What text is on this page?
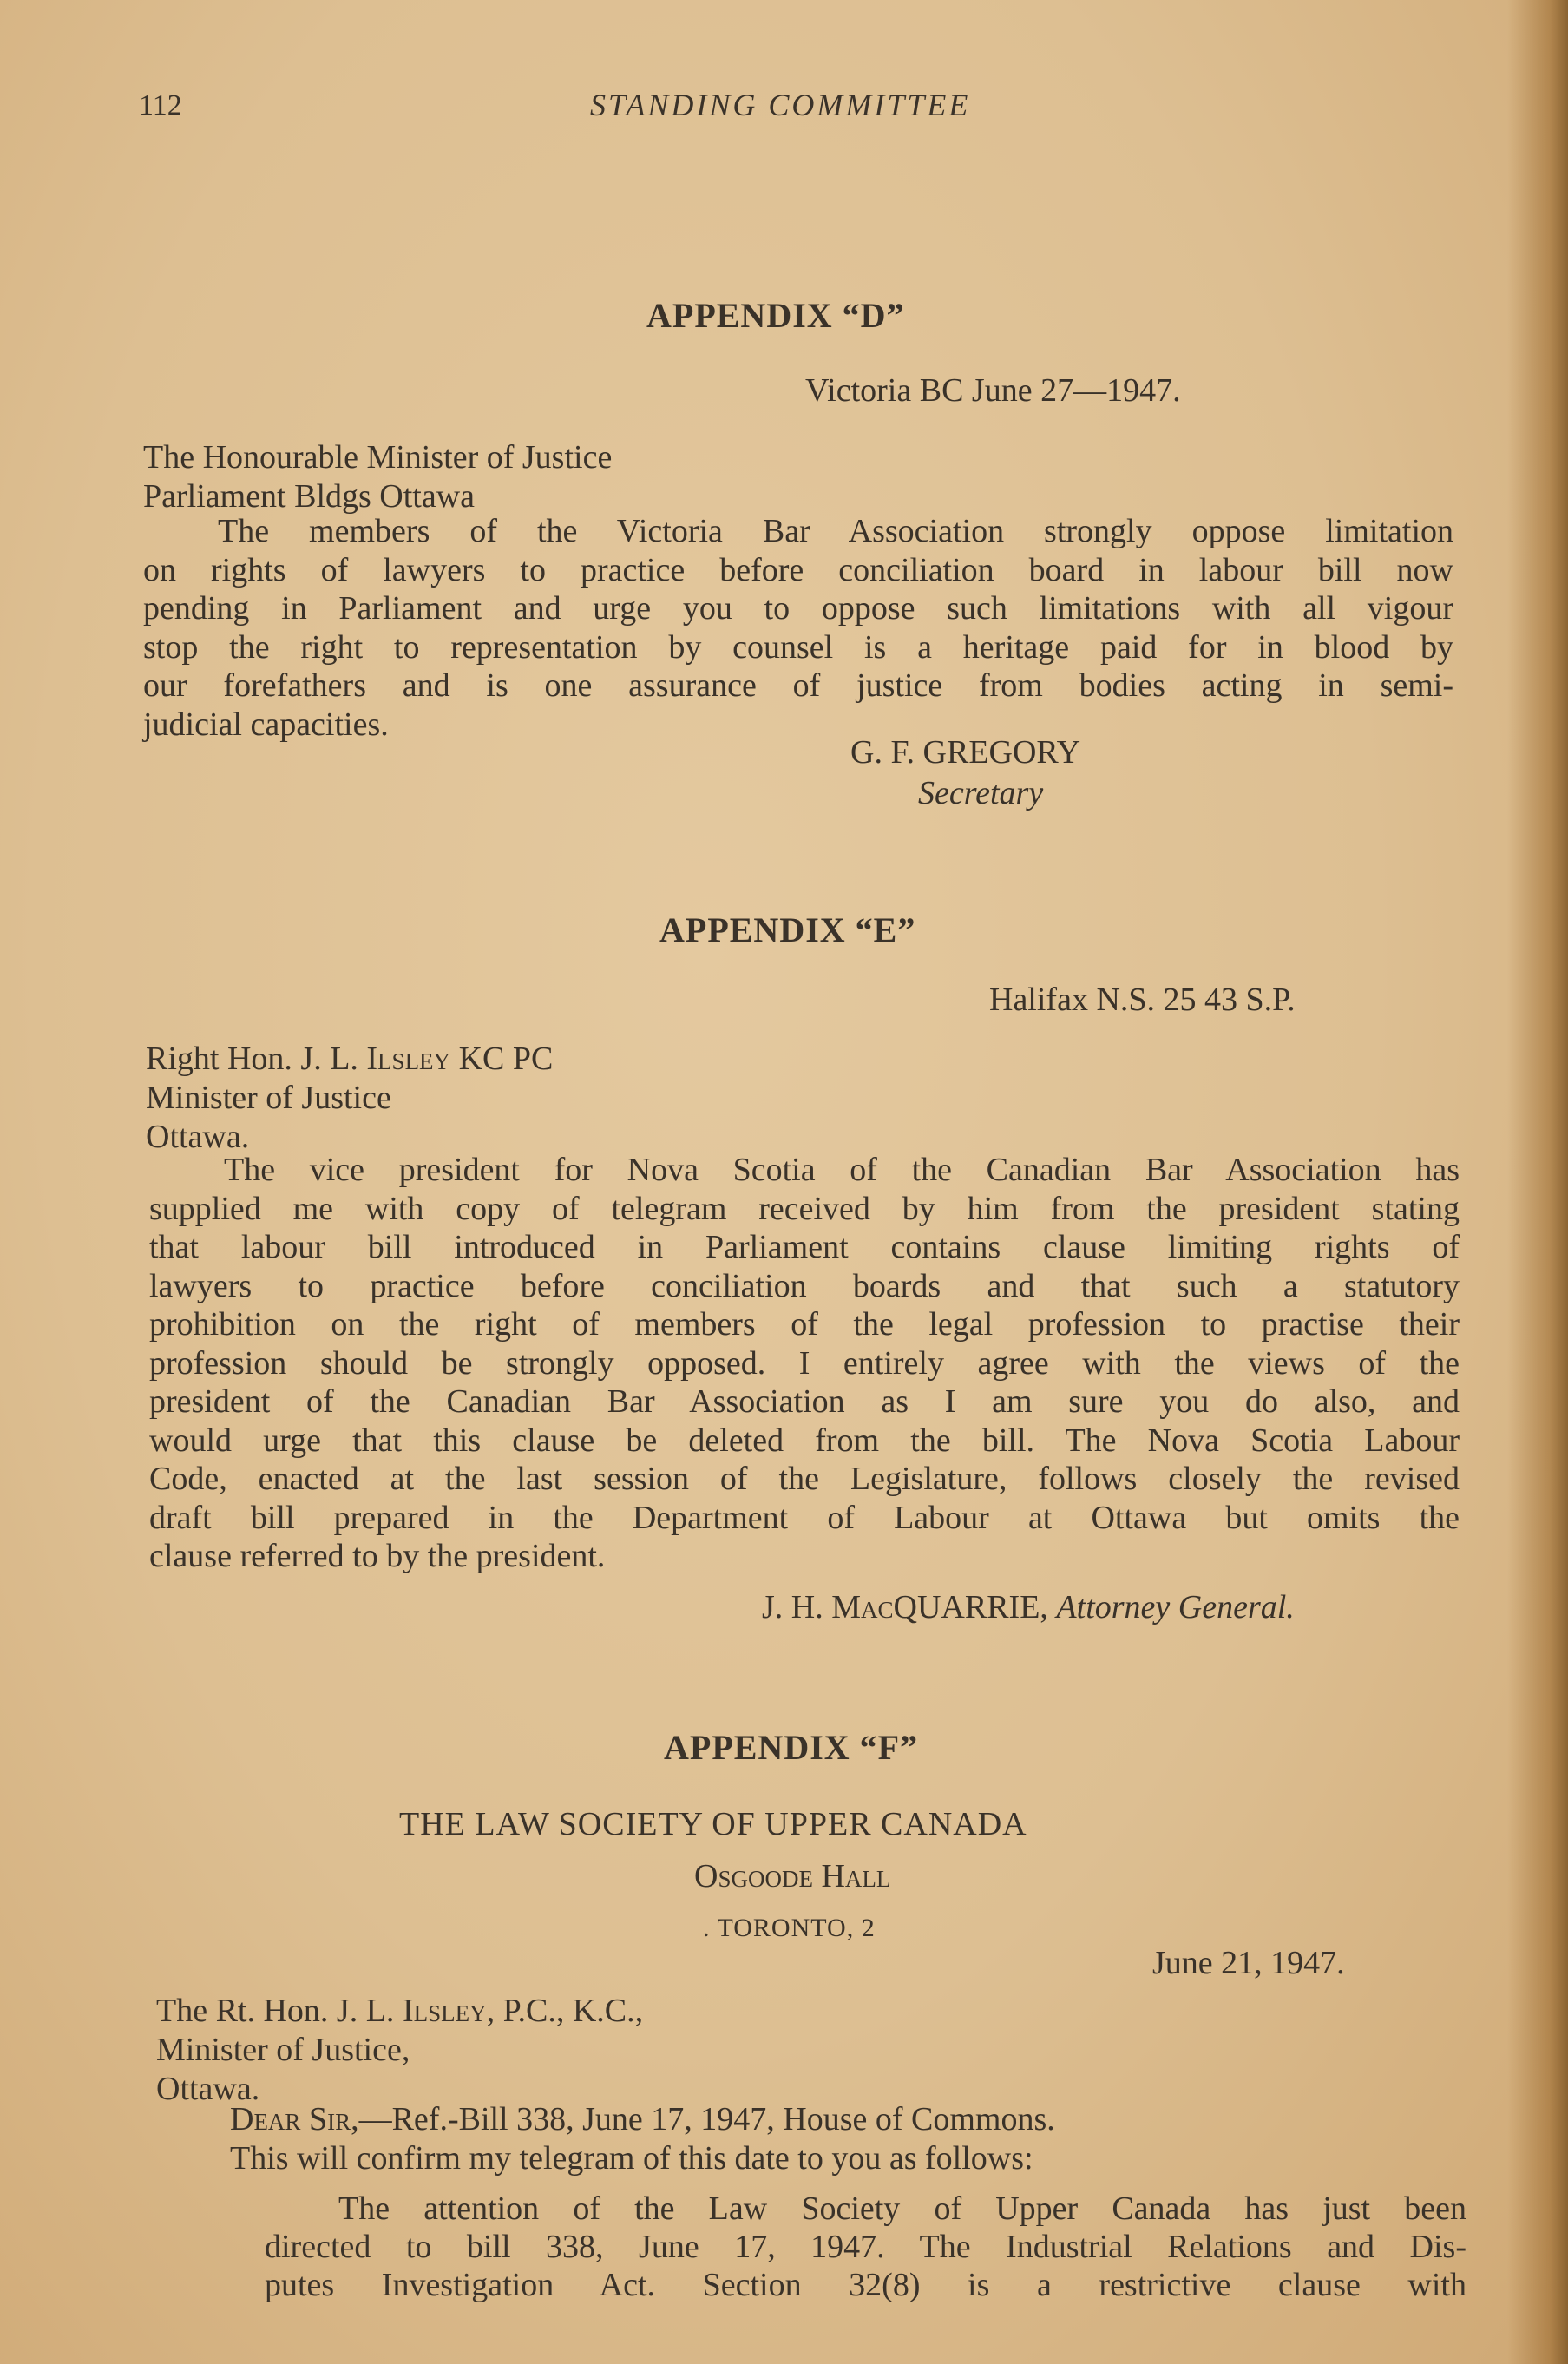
112	STANDING COMMITTEE
APPENDIX “D”
Victoria BC June 27—1947.
The Honourable Minister of Justice
Parliament Bldgs Ottawa
The members of the Victoria Bar Association strongly oppose limitation
on rights of lawyers to practice before conciliation board in labour bill now
pending in Parliament and urge you to oppose such limitations with all vigour
stop the right to representation by counsel is a heritage paid for in blood by
our forefathers and is one assurance of justice from bodies acting in semi-
judicial capacities.
G. F. GREGORY
Secretary
APPENDIX “E”
Halifax N.S. 25 43 S.P.
Right Hon. J. L. Ilsley KC PC
Minister of Justice
Ottawa.
The vice president for Nova Scotia of the Canadian Bar Association has
supplied me with copy of telegram received by him from the president stating
that labour bill introduced in Parliament contains clause limiting rights of
lawyers to practice before conciliation boards and that such a statutory
prohibition on the right of members of the legal profession to practise their
profession should be strongly opposed. I entirely agree with the views of the
president of the Canadian Bar Association as I am sure you do also, and
would urge that this clause be deleted from the bill. The Nova Scotia Labour
Code, enacted at the last session of the Legislature, follows closely the revised
draft bill prepared in the Department of Labour at Ottawa but omits the
clause referred to by the president.
J. H. MacQUARRIE, Attorney General.
APPENDIX “F”
THE LAW SOCIETY OF UPPER CANADA
Osgoode Hall
. TORONTO, 2
June 21, 1947.
The Rt. Hon. J. L. Ilsley, P.C., K.C.,
Minister of Justice,
Ottawa.
Dear Sir,—Ref.-Bill 338, June 17, 1947, House of Commons.
This will confirm my telegram of this date to you as follows:
The attention of the Law Society of Upper Canada has just been
directed to bill 338, June 17, 1947. The Industrial Relations and Dis-
putes Investigation Act. Section 32(8) is a restrictive clause with
